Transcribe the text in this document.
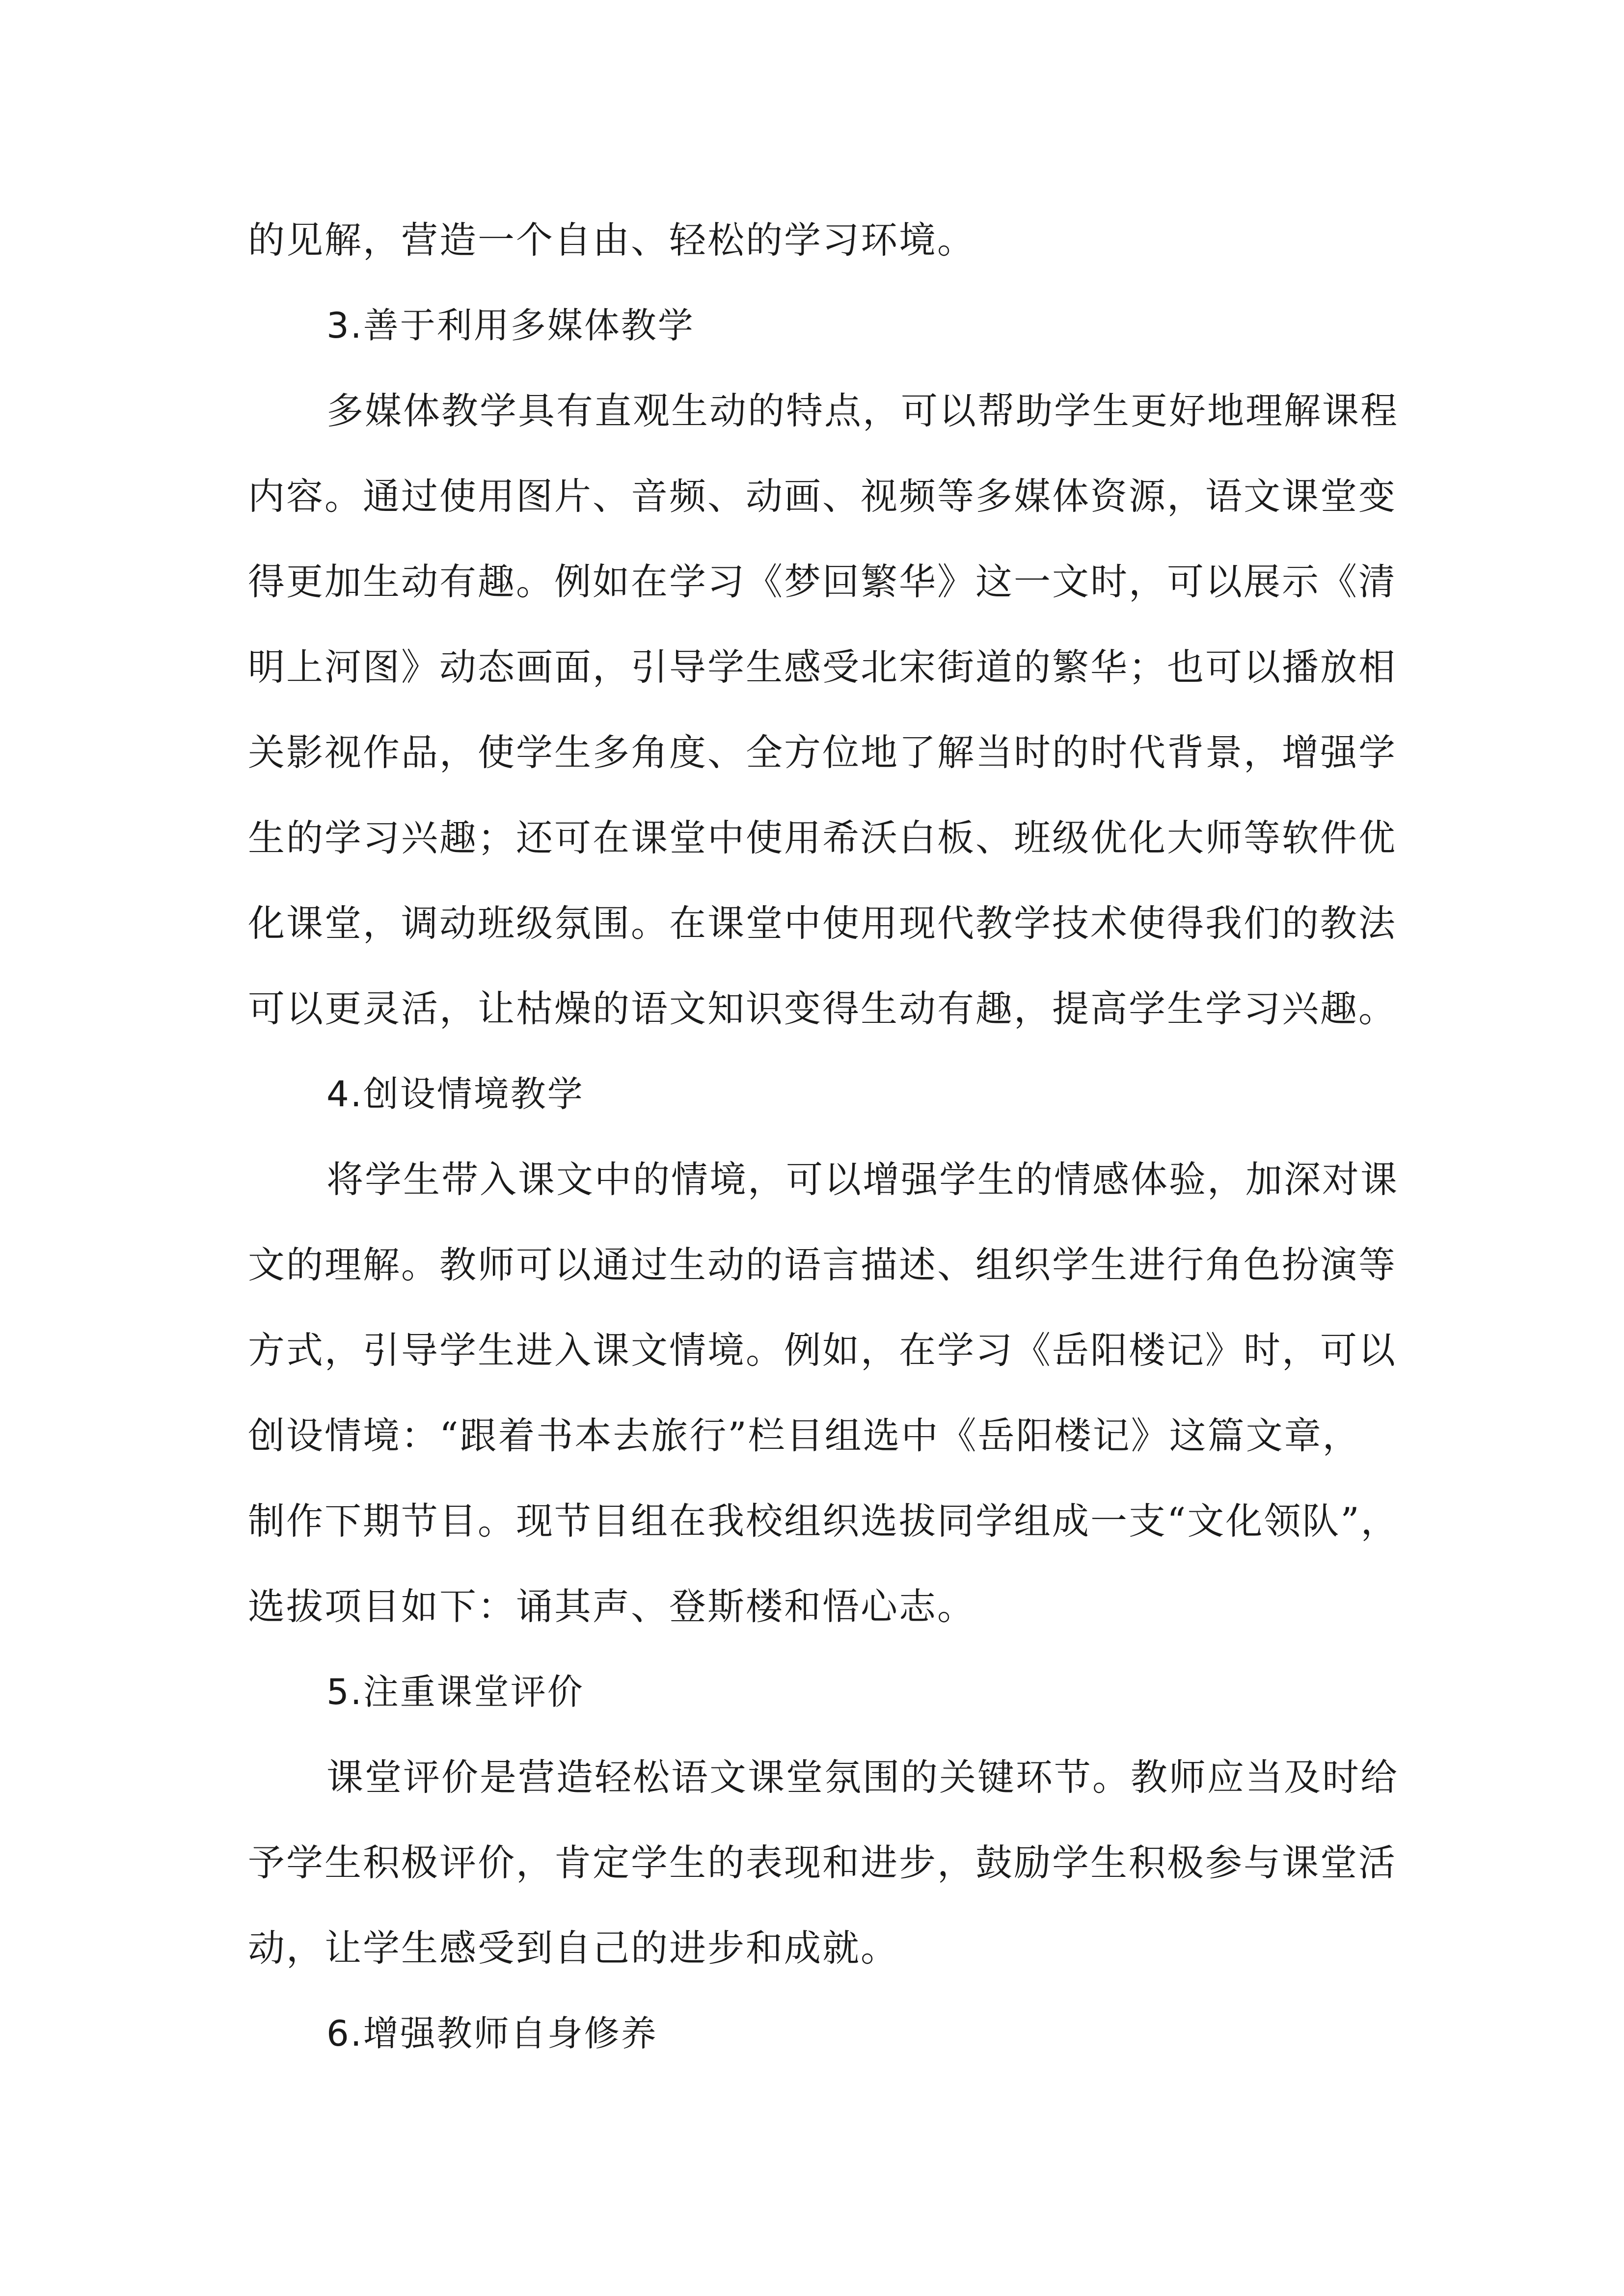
的见解，营造一个自由、轻松的学习环境。
3.善于利用多媒体教学
多媒体教学具有直观生动的特点，可以帮助学生更好地理解课程
内容。通过使用图片、音频、动画、视频等多媒体资源，语文课堂变
得更加生动有趣。例如在学习《梦回繁华》这一文时，可以展示《清
明上河图》动态画面，引导学生感受北宋街道的繁华；也可以播放相
关影视作品，使学生多角度、全方位地了解当时的时代背景，增强学
生的学习兴趣；还可在课堂中使用希沃白板、班级优化大师等软件优
化课堂，调动班级氛围。在课堂中使用现代教学技术使得我们的教法
可以更灵活，让枯燥的语文知识变得生动有趣，提高学生学习兴趣。
4.创设情境教学
将学生带入课文中的情境，可以增强学生的情感体验，加深对课
文的理解。教师可以通过生动的语言描述、组织学生进行角色扮演等
方式，引导学生进入课文情境。例如，在学习《岳阳楼记》时，可以
创设情境：“跟着书本去旅行”栏目组选中《岳阳楼记》这篇文章，
制作下期节目。现节目组在我校组织选拔同学组成一支“文化领队”，
选拔项目如下：诵其声、登斯楼和悟心志。
5.注重课堂评价
课堂评价是营造轻松语文课堂氛围的关键环节。教师应当及时给
予学生积极评价，肯定学生的表现和进步，鼓励学生积极参与课堂活
动，让学生感受到自己的进步和成就。
6.增强教师自身修养
